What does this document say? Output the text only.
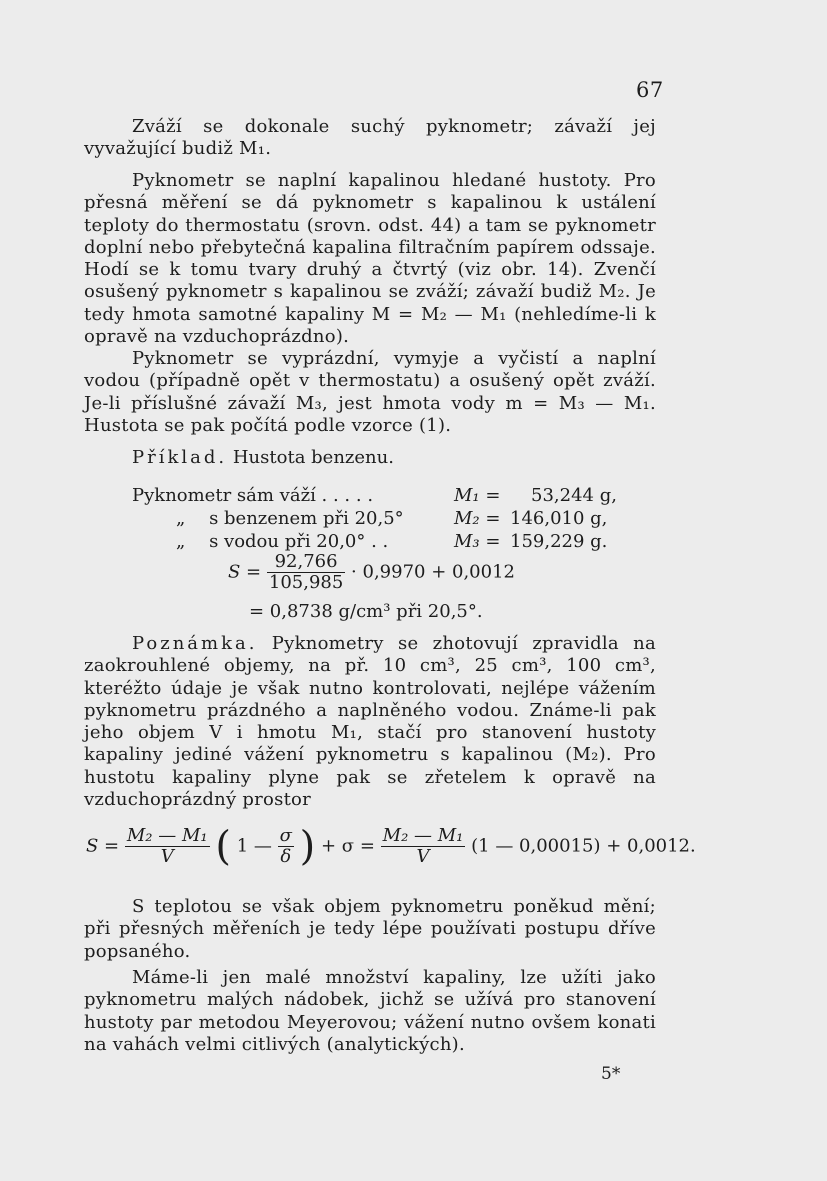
67

Zváží se dokonale suchý pyknometr; závaží jej vyvažující budiž M₁.

Pyknometr se naplní kapalinou hledané hustoty. Pro přesná měření se dá pyknometr s kapalinou k ustálení teploty do thermostatu (srovn. odst. 44) a tam se pyknometr doplní nebo přebytečná kapalina filtračním papírem odssaje. Hodí se k tomu tvary druhý a čtvrtý (viz obr. 14). Zvenčí osušený pyknometr s kapalinou se zváží; závaží budiž M₂. Je tedy hmota samotné kapaliny M = M₂ — M₁ (nehledíme-li k opravě na vzduchoprázdno).

Pyknometr se vyprázdní, vymyje a vyčistí a naplní vodou (případně opět v thermostatu) a osušený opět zváží. Je-li příslušné závaží M₃, jest hmota vody m = M₃ — M₁. Hustota se pak počítá podle vzorce (1).

Příklad. Hustota benzenu.
Pyknometr sám váží . . . . .	M₁ = 53,244 g,
„ s benzenem při 20,5°	M₂ = 146,010 g,
„ s vodou při 20,0° . .	M₃ = 159,229 g.
$S = \frac{92,766}{105,985} \cdot 0,9970 + 0,0012$
= 0,8738 g/cm³ při 20,5°.

Poznámka. Pyknometry se zhotovují zpravidla na zaokrouhlené objemy, na př. 10 cm³, 25 cm³, 100 cm³, kteréžto údaje je však nutno kontrolovati, nejlépe vážením pyknometru prázdného a naplněného vodou. Známe-li pak jeho objem V i hmotu M₁, stačí pro stanovení hustoty kapaliny jediné vážení pyknometru s kapalinou (M₂). Pro hustotu kapaliny plyne pak se zřetelem k opravě na vzduchoprázdný prostor

$S = \frac{\text{M₂ — M₁}}{V}$ ( 1 — $\frac{\sigma}{\delta}$ ) + $\sigma = \frac{\text{M₂ — M₁}}{V} (1$ — 0,00015) + 0,0012.

S teplotou se však objem pyknometru poněkud mění; při přesných měřeních je tedy lépe používati postupu dříve popsaného.

Máme-li jen malé množství kapaliny, lze užíti jako pyknometru malých nádobek, jichž se užívá pro stanovení hustoty par metodou Meyerovou; vážení nutno ovšem konati na vahách velmi citlivých (analytických).

5*
